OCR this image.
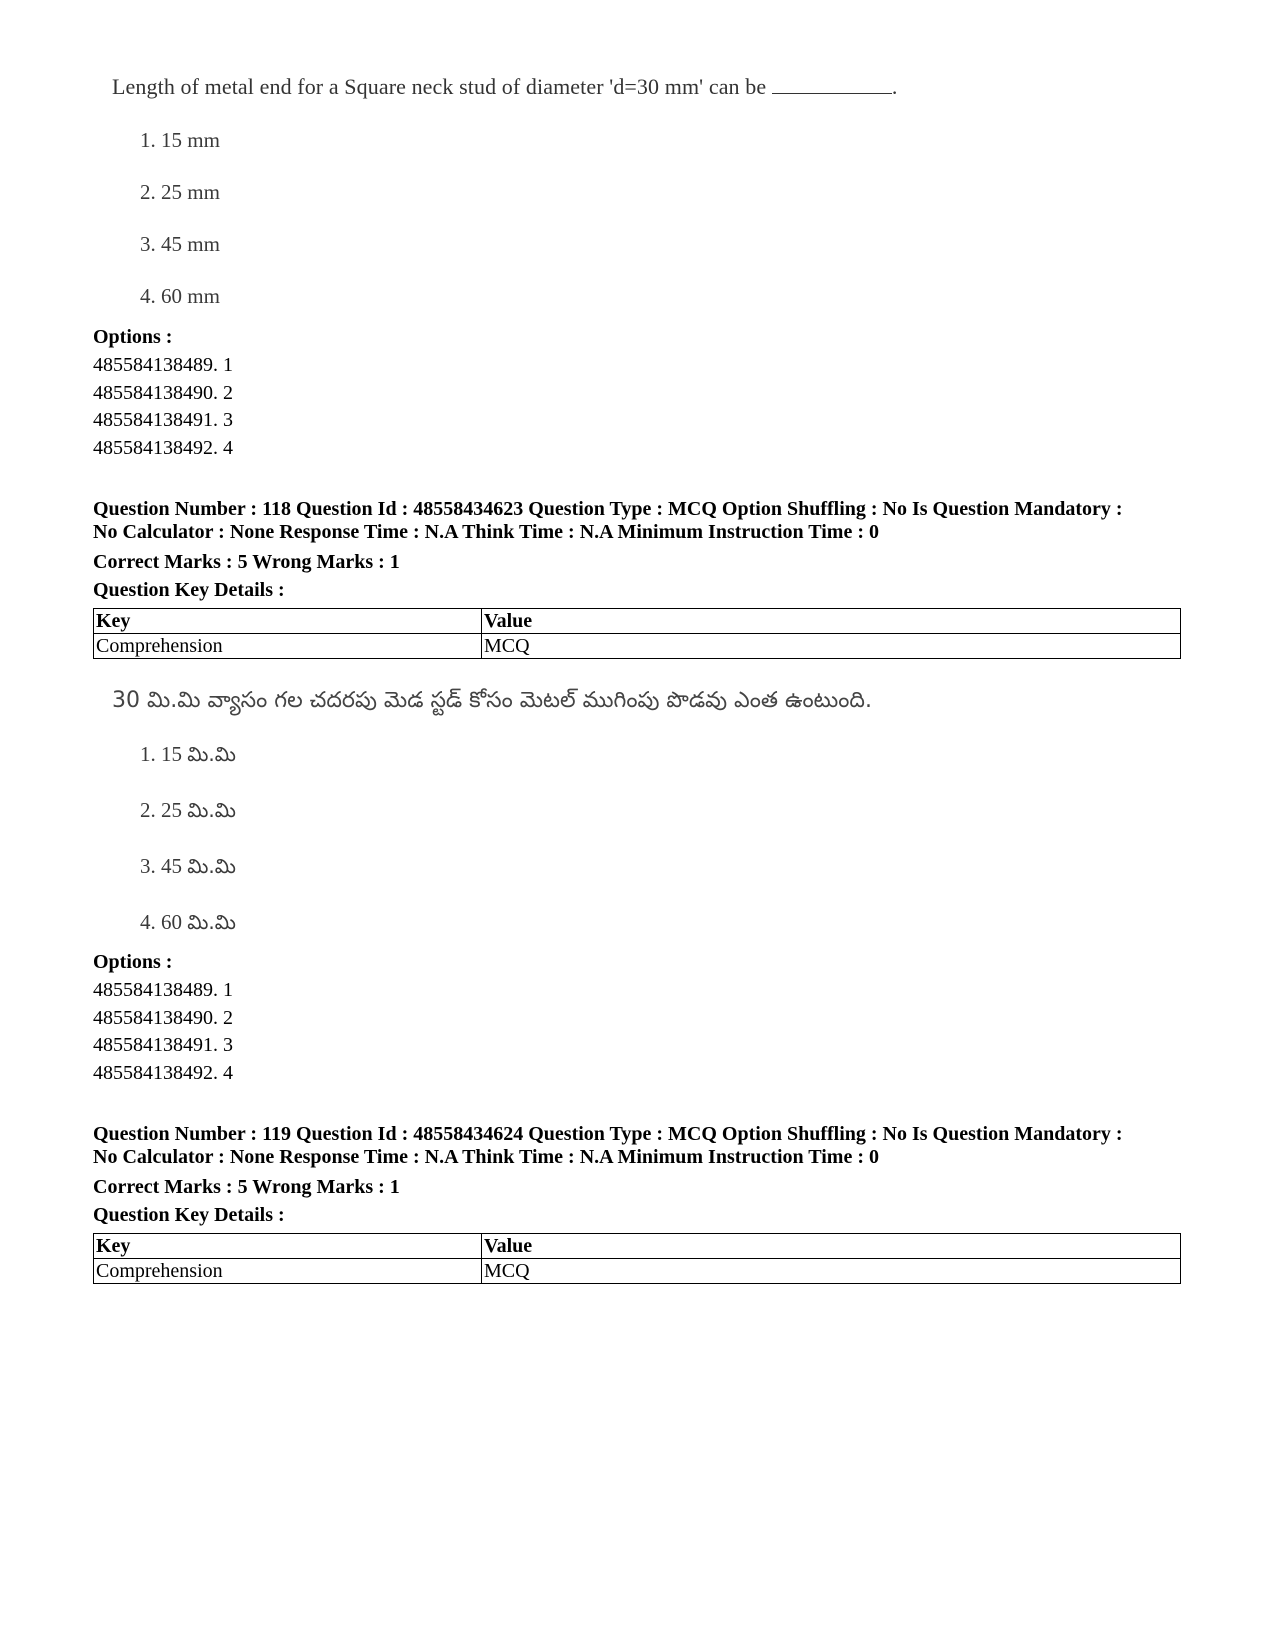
Length of metal end for a Square neck stud of diameter 'd=30 mm' can be	.
1. 15 mm
2. 25 mm
3. 45 mm
4. 60 mm
Options :
485584138489. 1
485584138490. 2
485584138491. 3
485584138492. 4
Question Number : 118 Question Id : 48558434623 Question Type : MCQ Option Shuffling : No Is Question Mandatory :
No Calculator : None Response Time : N.A Think Time : N.A Minimum Instruction Time : 0
Correct Marks : 5 Wrong Marks : 1
Question Key Details :
Key	Value
Comprehension	MCQ
30 మి.మి వ్యాసం గల చదరపు మెడ స్టడ్ కోసం మెటల్ ముగింపు పొడవు ఎంత ఉంటుంది.
1. 15 మి.మి
2. 25 మి.మి
3. 45 మి.మి
4. 60 మి.మి
Options :
485584138489. 1
485584138490. 2
485584138491. 3
485584138492. 4
Question Number : 119 Question Id : 48558434624 Question Type : MCQ Option Shuffling : No Is Question Mandatory :
No Calculator : None Response Time : N.A Think Time : N.A Minimum Instruction Time : 0
Correct Marks : 5 Wrong Marks : 1
Question Key Details :
Key	Value
Comprehension	MCQ
